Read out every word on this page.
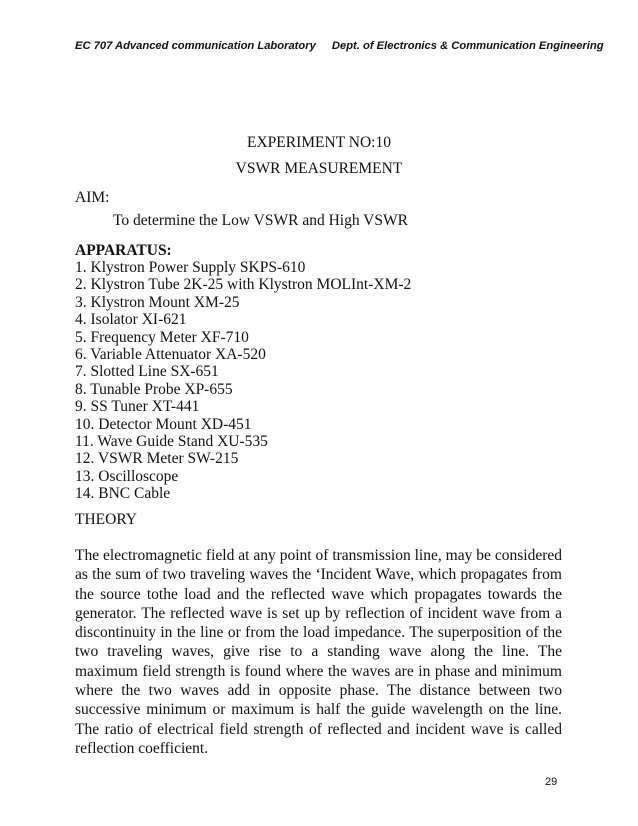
EC 707 Advanced communication Laboratory Dept. of Electronics & Communication Engineering
EXPERIMENT NO:10
VSWR MEASUREMENT
AIM:
To determine the Low VSWR and High VSWR
APPARATUS:
1. Klystron Power Supply SKPS-610
2. Klystron Tube 2K-25 with Klystron MOLInt-XM-2
3. Klystron Mount XM-25
4. Isolator XI-621
5. Frequency Meter XF-710
6. Variable Attenuator XA-520
7. Slotted Line SX-651
8. Tunable Probe XP-655
9. SS Tuner XT-441
10. Detector Mount XD-451
11. Wave Guide Stand XU-535
12. VSWR Meter SW-215
13. Oscilloscope
14. BNC Cable
THEORY

The electromagnetic field at any point of transmission line, may be considered as the sum of two traveling waves the ‘Incident Wave, which propagates from the source tothe load and the reflected wave which propagates towards the generator. The reflected wave is set up by reflection of incident wave from a discontinuity in the line or from the load impedance. The superposition of the two traveling waves, give rise to a standing wave along the line. The maximum field strength is found where the waves are in phase and minimum where the two waves add in opposite phase. The distance between two successive minimum or maximum is half the guide wavelength on the line. The ratio of electrical field strength of reflected and incident wave is called reflection coefficient.

29
